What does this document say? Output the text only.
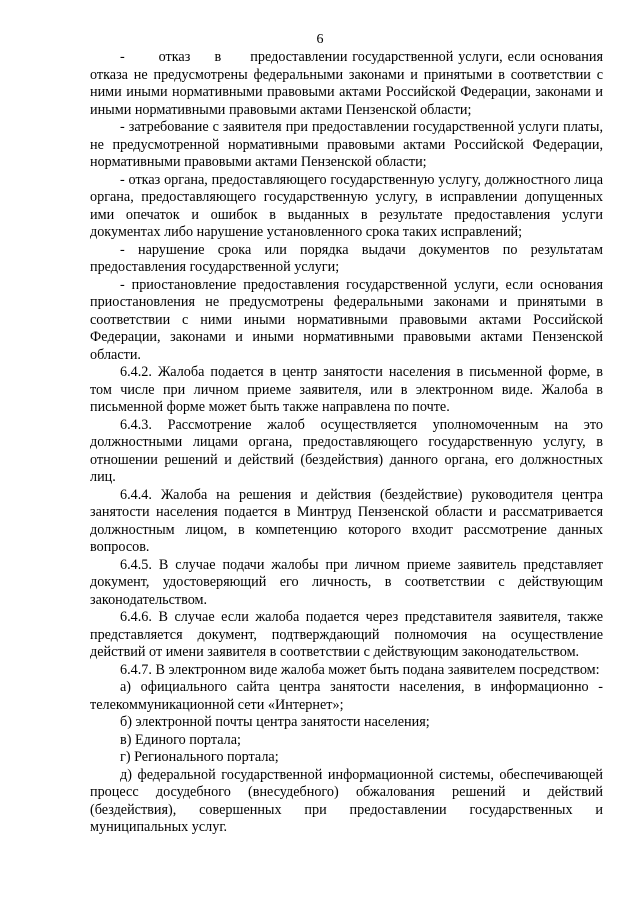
6

-       отказ     в      предоставлении государственной услуги, если основания отказа не предусмотрены федеральными законами и принятыми в соответствии с ними иными нормативными правовыми актами Российской Федерации, законами и иными нормативными правовыми актами Пензенской области;

- затребование с заявителя при предоставлении государственной услуги платы, не предусмотренной нормативными правовыми актами Российской Федерации, нормативными правовыми актами Пензенской области;

- отказ органа, предоставляющего государственную услугу, должностного лица органа, предоставляющего государственную услугу, в исправлении допущенных ими опечаток и ошибок в выданных в результате предоставления услуги документах либо нарушение установленного срока таких исправлений;

- нарушение срока или порядка выдачи документов по результатам предоставления государственной услуги;

- приостановление предоставления государственной услуги, если основания приостановления не предусмотрены федеральными законами и принятыми в соответствии с ними иными нормативными правовыми актами Российской Федерации, законами и иными нормативными правовыми актами Пензенской области.

6.4.2. Жалоба подается в центр занятости населения в письменной форме, в том числе при личном приеме заявителя, или в электронном виде. Жалоба в письменной форме может быть также направлена по почте.

6.4.3. Рассмотрение жалоб осуществляется уполномоченным на это должностными лицами органа, предоставляющего государственную услугу, в отношении решений и действий (бездействия) данного органа, его должностных лиц.

6.4.4. Жалоба на решения и действия (бездействие) руководителя центра занятости населения подается в Минтруд Пензенской области и рассматривается должностным лицом, в компетенцию которого входит рассмотрение данных вопросов.

6.4.5. В случае подачи жалобы при личном приеме заявитель представляет документ, удостоверяющий его личность, в соответствии с действующим законодательством.

6.4.6. В случае если жалоба подается через представителя заявителя, также представляется документ, подтверждающий полномочия на осуществление действий от имени заявителя в соответствии с действующим законодательством.

6.4.7. В электронном виде жалоба может быть подана заявителем посредством:

а) официального сайта центра занятости населения, в информационно - телекоммуникационной сети «Интернет»;

б) электронной почты центра занятости населения;

в) Единого портала;

г) Регионального портала;

д) федеральной государственной информационной системы, обеспечивающей процесс досудебного (внесудебного) обжалования решений и действий (бездействия), совершенных при предоставлении государственных и муниципальных услуг.
